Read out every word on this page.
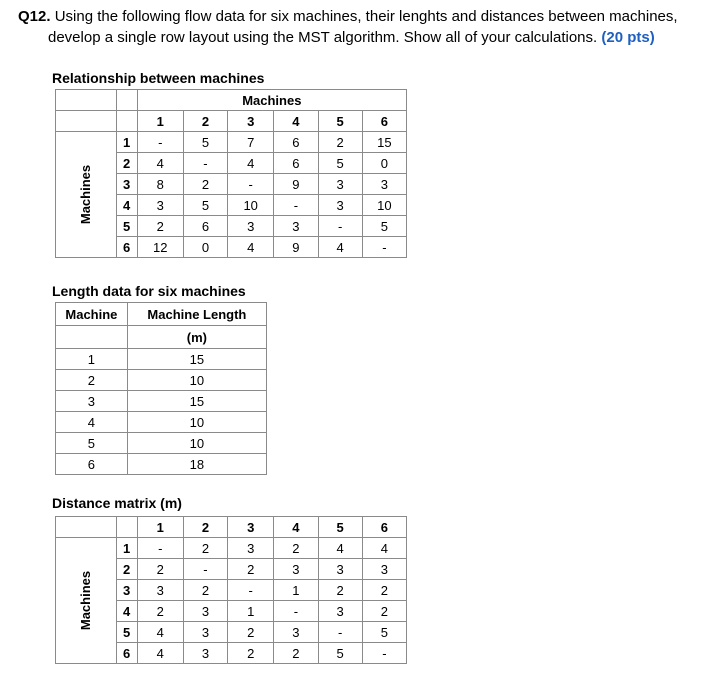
Q12. Using the following flow data for six machines, their lenghts and distances between machines,
develop a single row layout using the MST algorithm. Show all of your calculations. (20 pts)
Relationship between machines
		Machines					
		1	2	3	4	5	6
Machines	1	-	5	7	6	2	15
	2	4	-	4	6	5	0
	3	8	2	-	9	3	3
	4	3	5	10	-	3	10
	5	2	6	3	3	-	5
	6	12	0	4	9	4	-
Length data for six machines
Machine	Machine Length
	(m)
1	15
2	10
3	15
4	10
5	10
6	18
Distance matrix (m)
		1	2	3	4	5	6
Machines	1	-	2	3	2	4	4
	2	2	-	2	3	3	3
	3	3	2	-	1	2	2
	4	2	3	1	-	3	2
	5	4	3	2	3	-	5
	6	4	3	2	2	5	-
